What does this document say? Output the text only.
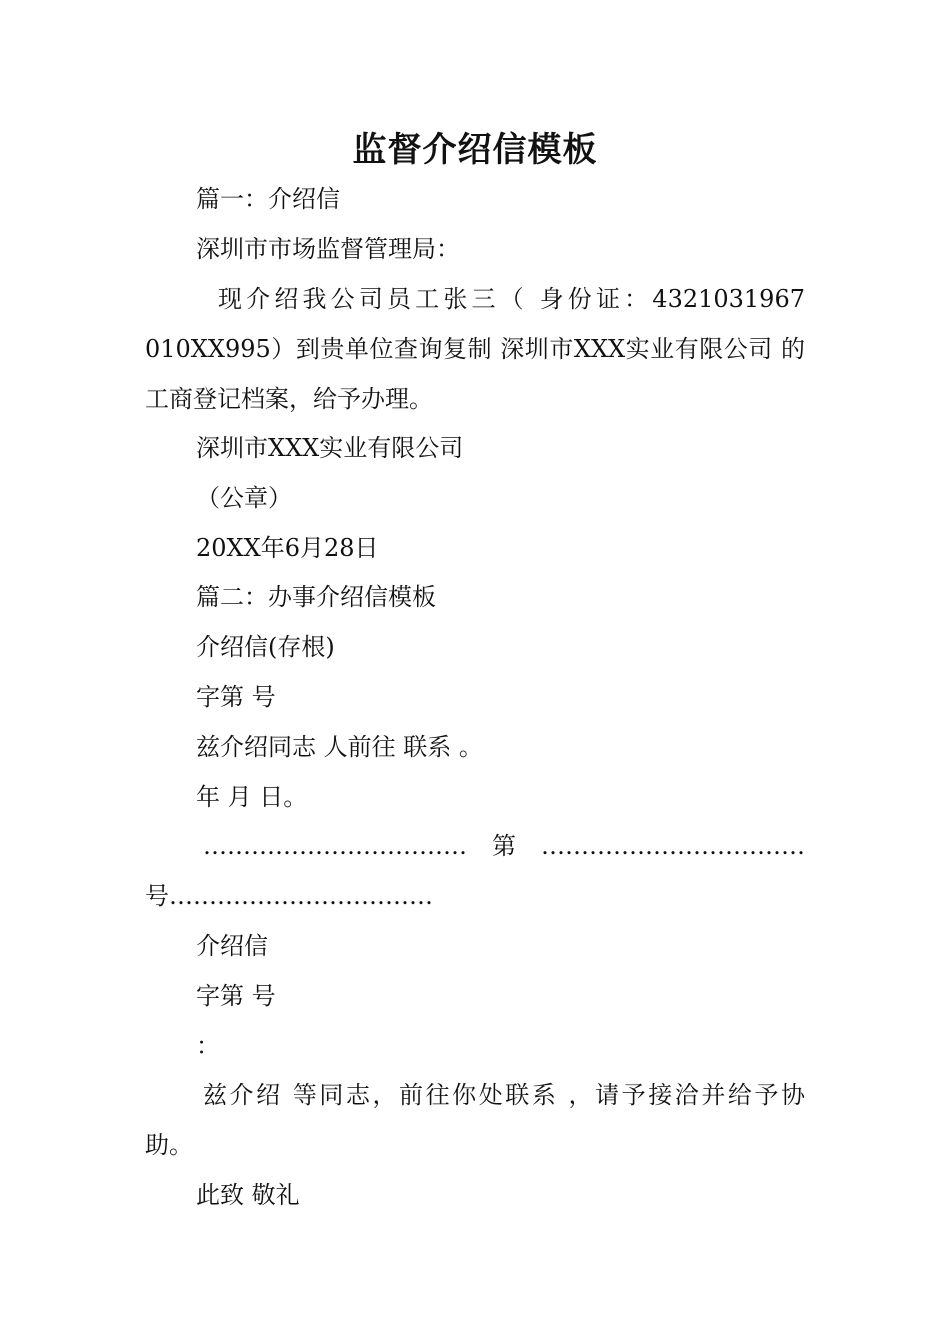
监督介绍信模板
篇一：介绍信
深圳市市场监督管理局：
现介绍我公司员工张三（ 身份证：4321031967
010XX995）到贵单位查询复制 深圳市XXX实业有限公司 的
工商登记档案，给予办理。
深圳市XXX实业有限公司
（公章）
20XX年6月28日
篇二：办事介绍信模板
介绍信(存根)
字第 号
兹介绍同志 人前往 联系 。
年 月 日。
……………………………第……………………………
号……………………………
介绍信
字第 号
：
兹介绍 等同志，前往你处联系 ，请予接洽并给予协
助。
此致 敬礼
